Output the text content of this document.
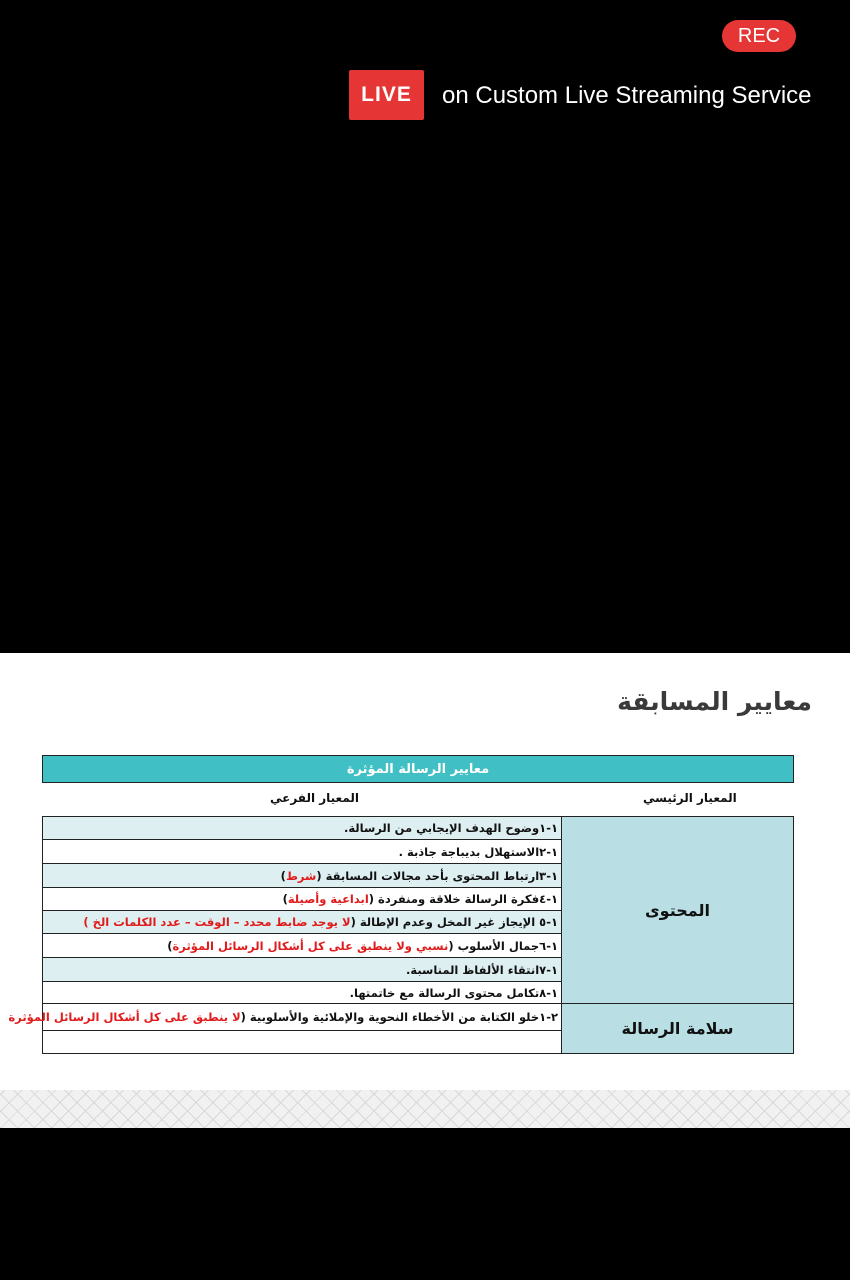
REC
LIVE	on Custom Live Streaming Service
معايير المسابقة
معايير الرسالة المؤثرة
المعيار الفرعي	المعيار الرئيسي
المحتوى
سلامة الرسالة
١-١وضوح الهدف الإيجابي من الرسالة.
١-٢الاستهلال بديباجة جاذبة .
١-٣ارتباط المحتوى بأحد مجالات المسابقة (
شرط
)
١-٤فكرة الرسالة خلاقة ومنفردة (
ابداعية وأصيلة
)
١-٥ الإيجاز غير المخل وعدم الإطالة (
لا يوجد ضابط محدد – الوقت – عدد الكلمات الخ )
١-٦جمال الأسلوب (
نسبي ولا ينطبق على كل أشكال الرسائل المؤثرة
)
١-٧انتقاء الألفاظ المناسبة.
١-٨تكامل محتوى الرسالة مع خاتمتها.
٢-١خلو الكتابة من الأخطاء النحوية والإملائية والأسلوبية (
لا ينطبق على كل أشكال الرسائل المؤثرة
